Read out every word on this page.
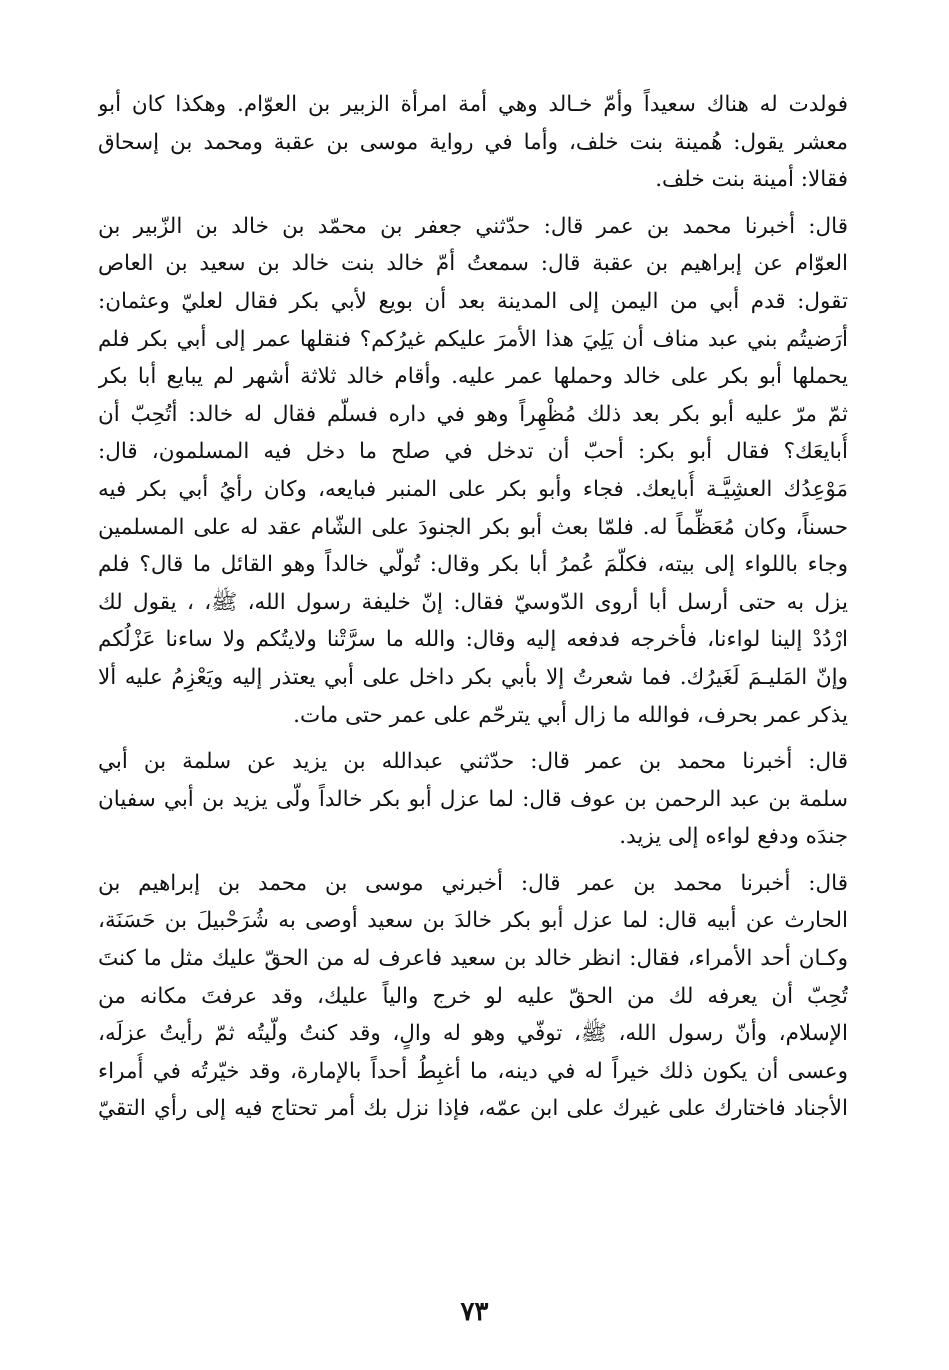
فولدت له هناك سعيداً وأمّ خـالد وهي أمة امرأة الزبير بن العوّام. وهكذا كان أبو
معشر يقول: هُمينة بنت خلف، وأما في رواية موسى بن عقبة ومحمد بن إسحاق
فقالا: أمينة بنت خلف.
قال: أخبرنا محمد بن عمر قال: حدّثني جعفر بن محمّد بن خالد بن الزّبير بن
العوّام عن إبراهيم بن عقبة قال: سمعتُ أمّ خالد بنت خالد بن سعيد بن العاص
تقول: قدم أبي من اليمن إلى المدينة بعد أن بويع لأبي بكر فقال لعليّ وعثمان:
أرَضيتُم بني عبد مناف أن يَلِيَ هذا الأمرَ عليكم غيرُكم؟ فنقلها عمر إلى أبي بكر فلم
يحملها أبو بكر على خالد وحملها عمر عليه. وأقام خالد ثلاثة أشهر لم يبايع أبا بكر
ثمّ مرّ عليه أبو بكر بعد ذلك مُظْهِراً وهو في داره فسلّم فقال له خالد: أتُحِبّ أن
أُبايعَك؟ فقال أبو بكر: أحبّ أن تدخل في صلح ما دخل فيه المسلمون، قال:
مَوْعِدُك العشِيَّـة أُبايعك. فجاء وأبو بكر على المنبر فبايعه، وكان رأيُ أبي بكر فيه
حسناً، وكان مُعَظِّماً له. فلمّا بعث أبو بكر الجنودَ على الشّام عقد له على المسلمين
وجاء باللواء إلى بيته، فكلّمَ عُمرُ أبا بكر وقال: تُولّي خالداً وهو القائل ما قال؟ فلم
يزل به حتى أرسل أبا أروى الدّوسيّ فقال: إنّ خليفة رسول الله، ﷺ، ، يقول لك
ارْدُدْ إلينا لواءنا، فأخرجه فدفعه إليه وقال: والله ما سرَّتْنا ولايتُكم ولا ساءنا عَزْلُكم
وإنّ المَليـمَ لَغَيرُك. فما شعرتُ إلا بأبي بكر داخل على أبي يعتذر إليه ويَعْزِمُ عليه ألا
يذكر عمر بحرف، فوالله ما زال أبي يترحّم على عمر حتى مات.
قال: أخبرنا محمد بن عمر قال: حدّثني عبدالله بن يزيد عن سلمة بن أبي
سلمة بن عبد الرحمن بن عوف قال: لما عزل أبو بكر خالداً ولّى يزيد بن أبي سفيان
جندَه ودفع لواءه إلى يزيد.
قال: أخبرنا محمد بن عمر قال: أخبرني موسى بن محمد بن إبراهيم بن
الحارث عن أبيه قال: لما عزل أبو بكر خالدَ بن سعيد أوصى به شُرَحْبيلَ بن حَسَنَة،
وكـان أحد الأمراء، فقال: انظر خالد بن سعيد فاعرف له من الحقّ عليك مثل ما كنتَ
تُحِبّ أن يعرفه لك من الحقّ عليه لو خرج والياً عليك، وقد عرفتَ مكانه من
الإسلام، وأنّ رسول الله، ﷺ، توفّي وهو له والٍ، وقد كنتُ ولّيتُه ثمّ رأيتُ عزلَه،
وعسى أن يكون ذلك خيراً له في دينه، ما أغبِطُ أحداً بالإمارة، وقد خيّرتُه في أُمراء
الأجناد فاختارك على غيرك على ابن عمّه، فإذا نزل بك أمر تحتاج فيه إلى رأي التقيّ
٧٣
